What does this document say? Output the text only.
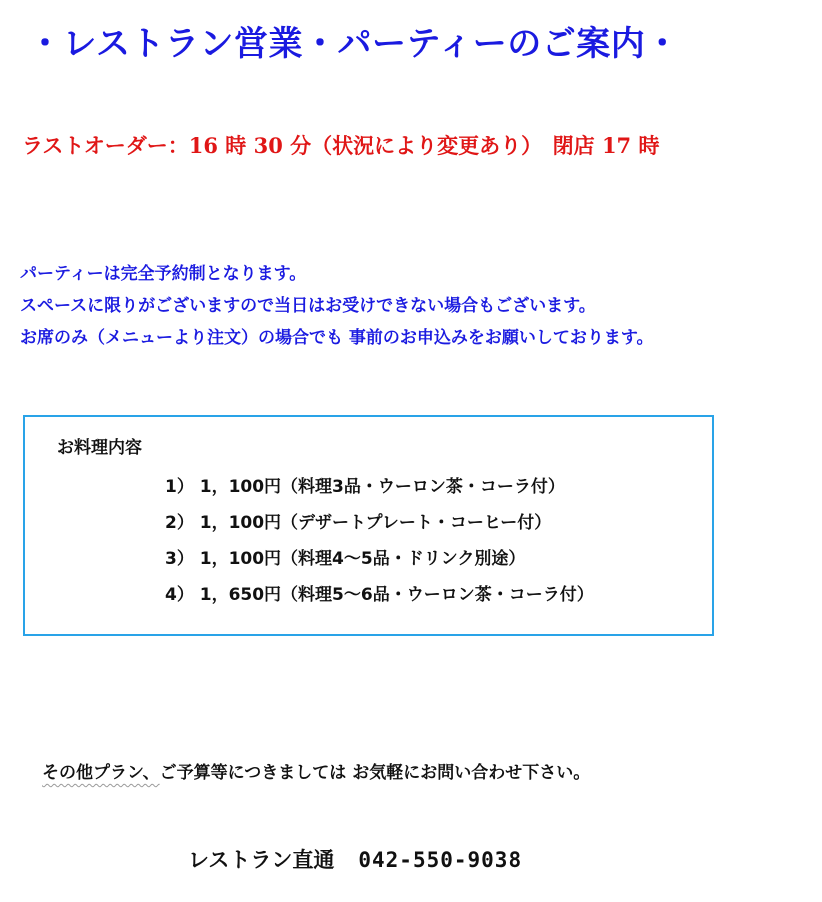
・レストラン営業・パーティーのご案内・
ラストオーダー：16 時 30 分（状況により変更あり）　閉店 17 時

パーティーは完全予約制となります。

スペースに限りがございますので当日はお受けできない場合もございます。

お席のみ（メニューより注文）の場合でも 事前のお申込みをお願いしております。

お料理内容
1） 1，100円（料理3品・ウーロン茶・コーラ付）
2） 1，100円（デザートプレート・コーヒー付）
3） 1，100円（料理4～5品・ドリンク別途）
4） 1，650円（料理5～6品・ウーロン茶・コーラ付）
その他プラン、ご予算等につきましては お気軽にお問い合わせ下さい。
レストラン直通 042-550-9038
